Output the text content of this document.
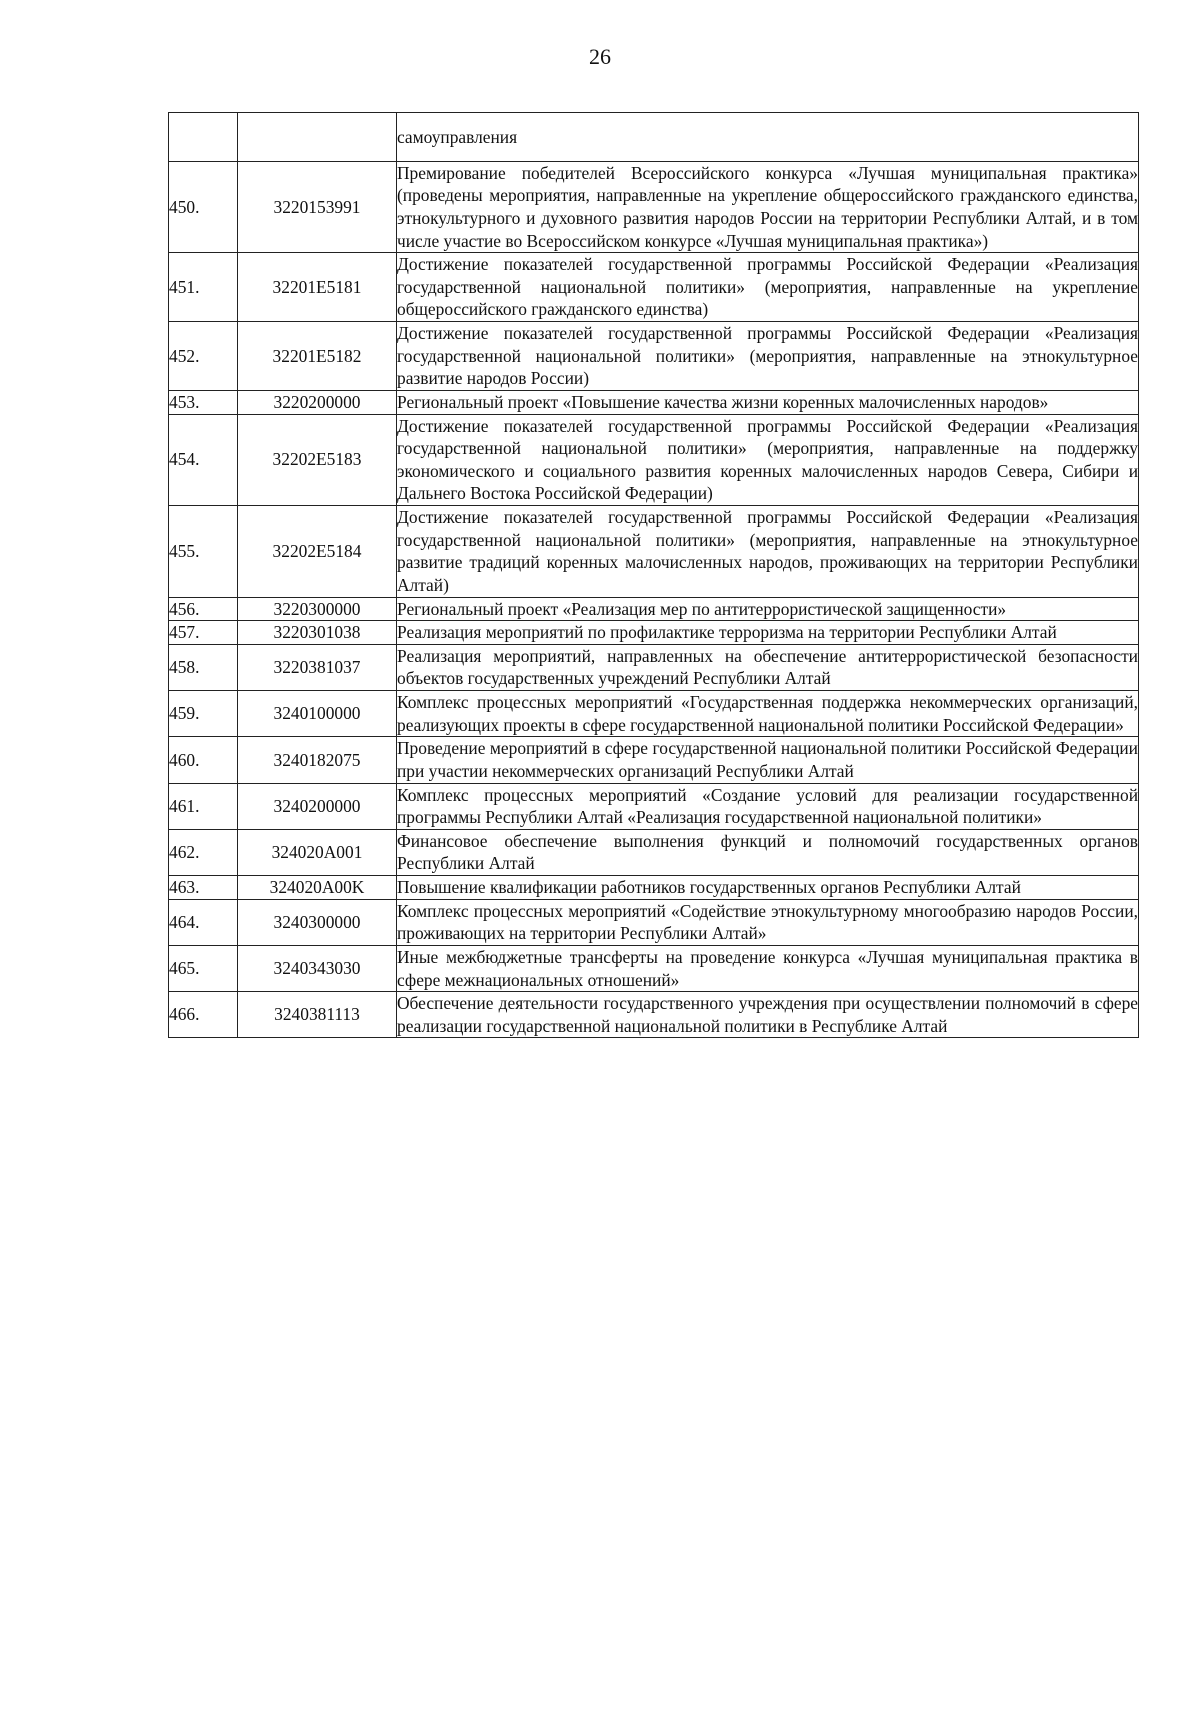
26
		самоуправления
450.	3220153991	Премирование победителей Всероссийского конкурса «Лучшая муниципальная практика» (проведены мероприятия, направленные на укрепление общероссийского гражданского единства, этнокультурного и духовного развития народов России на территории Республики Алтай, и в том числе участие во Всероссийском конкурсе «Лучшая муниципальная практика»)
451.	32201E5181	Достижение показателей государственной программы Российской Федерации «Реализация государственной национальной политики» (мероприятия, направленные на укрепление общероссийского гражданского единства)
452.	32201E5182	Достижение показателей государственной программы Российской Федерации «Реализация государственной национальной политики» (мероприятия, направленные на этнокультурное развитие народов России)
453.	3220200000	Региональный проект «Повышение качества жизни коренных малочисленных народов»
454.	32202E5183	Достижение показателей государственной программы Российской Федерации «Реализация государственной национальной политики» (мероприятия, направленные на поддержку экономического и социального развития коренных малочисленных народов Севера, Сибири и Дальнего Востока Российской Федерации)
455.	32202E5184	Достижение показателей государственной программы Российской Федерации «Реализация государственной национальной политики» (мероприятия, направленные на этнокультурное развитие традиций коренных малочисленных народов, проживающих на территории Республики Алтай)
456.	3220300000	Региональный проект «Реализация мер по антитеррористической защищенности»
457.	3220301038	Реализация мероприятий по профилактике терроризма на территории Республики Алтай
458.	3220381037	Реализация мероприятий, направленных на обеспечение антитеррористической безопасности объектов государственных учреждений Республики Алтай
459.	3240100000	Комплекс процессных мероприятий «Государственная поддержка некоммерческих организаций, реализующих проекты в сфере государственной национальной политики Российской Федерации»
460.	3240182075	Проведение мероприятий в сфере государственной национальной политики Российской Федерации при участии некоммерческих организаций Республики Алтай
461.	3240200000	Комплекс процессных мероприятий «Создание условий для реализации государственной программы Республики Алтай «Реализация государственной национальной политики»
462.	324020A001	Финансовое обеспечение выполнения функций и полномочий государственных органов Республики Алтай
463.	324020A00K	Повышение квалификации работников государственных органов Республики Алтай
464.	3240300000	Комплекс процессных мероприятий «Содействие этнокультурному многообразию народов России, проживающих на территории Республики Алтай»
465.	3240343030	Иные межбюджетные трансферты на проведение конкурса «Лучшая муниципальная практика в сфере межнациональных отношений»
466.	3240381113	Обеспечение деятельности государственного учреждения при осуществлении полномочий в сфере реализации государственной национальной политики в Республике Алтай
